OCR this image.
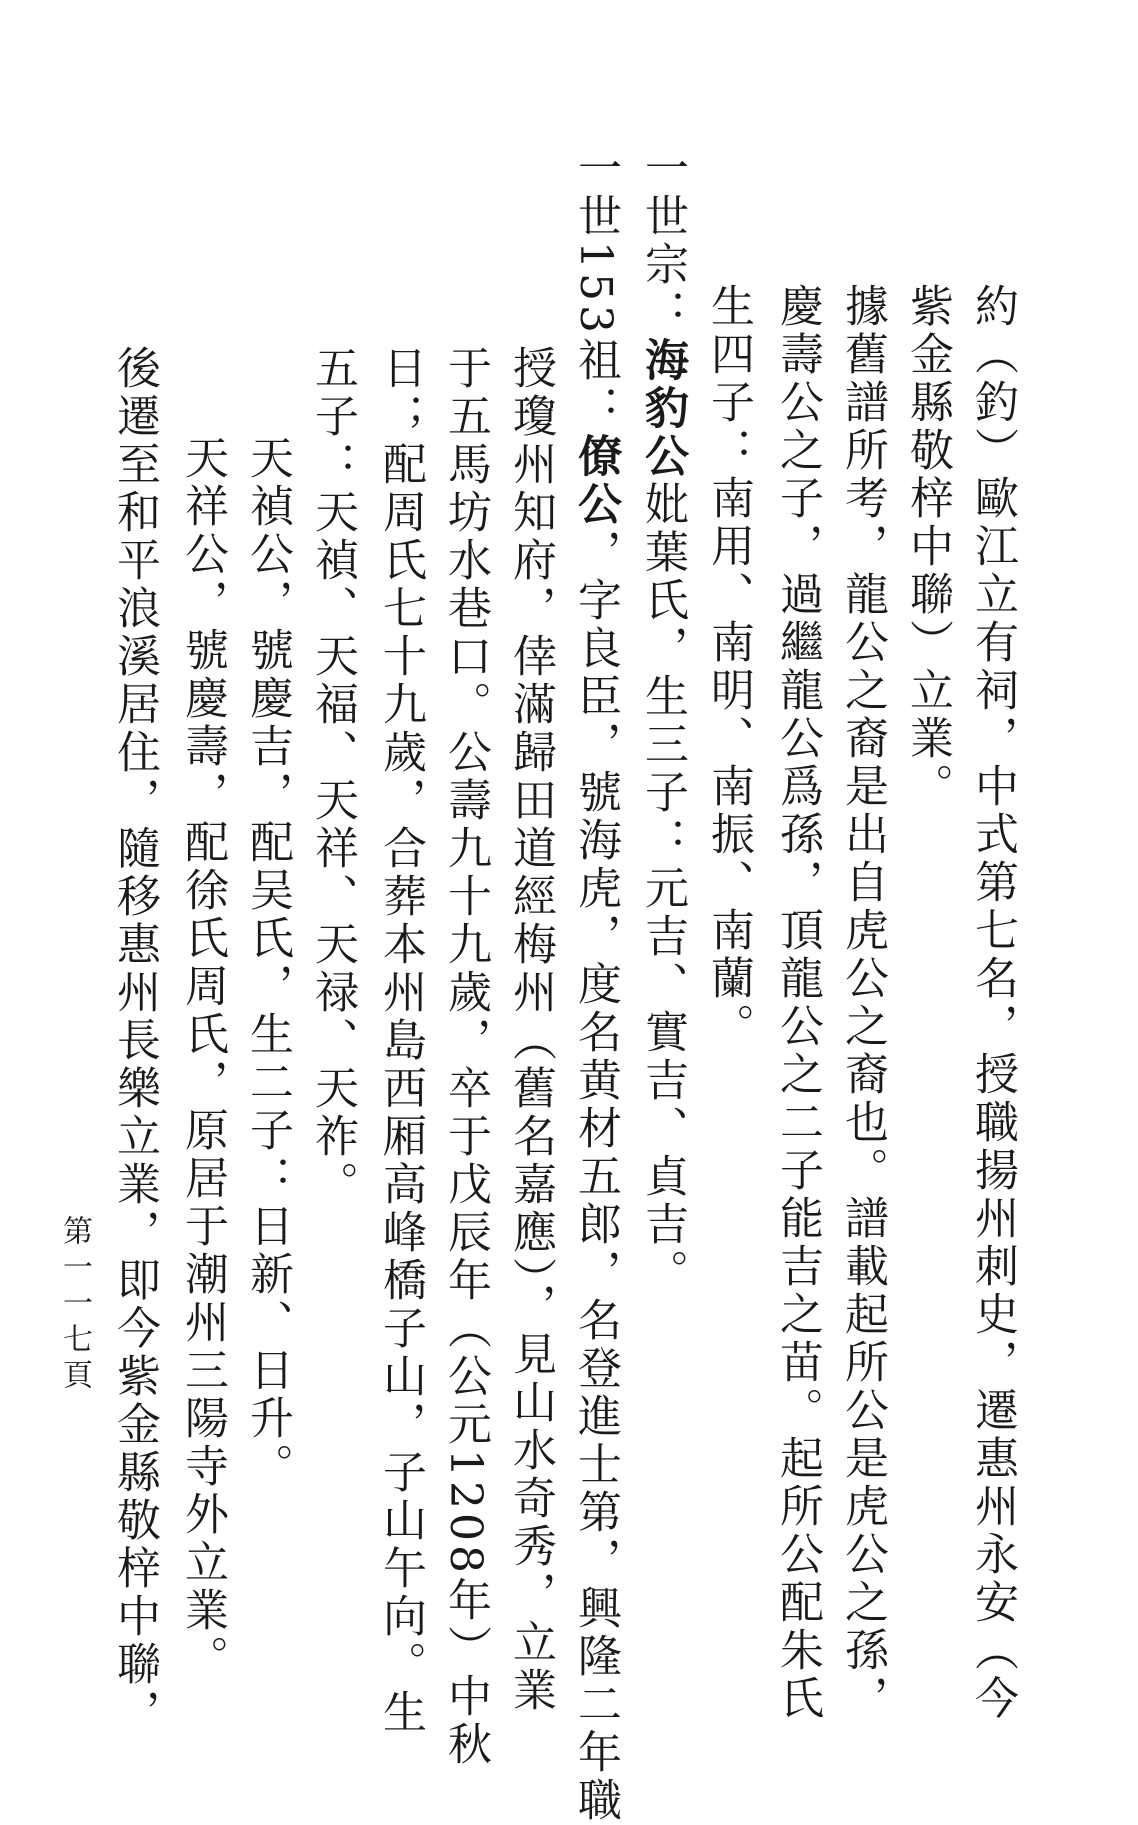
約（釣）歐江立有祠，中式第七名，授職揚州刺史，遷惠州永安（今
紫金縣敬梓中聯）立業。
據舊譜所考，龍公之裔是出自虎公之裔也。譜載起所公是虎公之孫，
慶壽公之子，過繼龍公爲孫，頂龍公之二子能吉之苗。起所公配朱氏
生四子：南用、南明、南振、南蘭。
一世宗：海豹公妣葉氏，生三子：元吉、實吉、貞吉。
一世153祖：僚公，字良臣，號海虎，度名黄材五郎，名登進士第，興隆二年職
授瓊州知府，倖滿歸田道經梅州（舊名嘉應），見山水奇秀，立業
于五馬坊水巷口。公壽九十九歲，卒于戊辰年（公元1208年）中秋
日；配周氏七十九歲，合葬本州島西厢高峰橋子山，子山午向。生
五子：天禎、天福、天祥、天禄、天祚。
天禎公，號慶吉，配吴氏，生二子：日新、日升。
天祥公，號慶壽，配徐氏周氏，原居于潮州三陽寺外立業。
後遷至和平浪溪居住，隨移惠州長樂立業，即今紫金縣敬梓中聯，
第一一七頁
